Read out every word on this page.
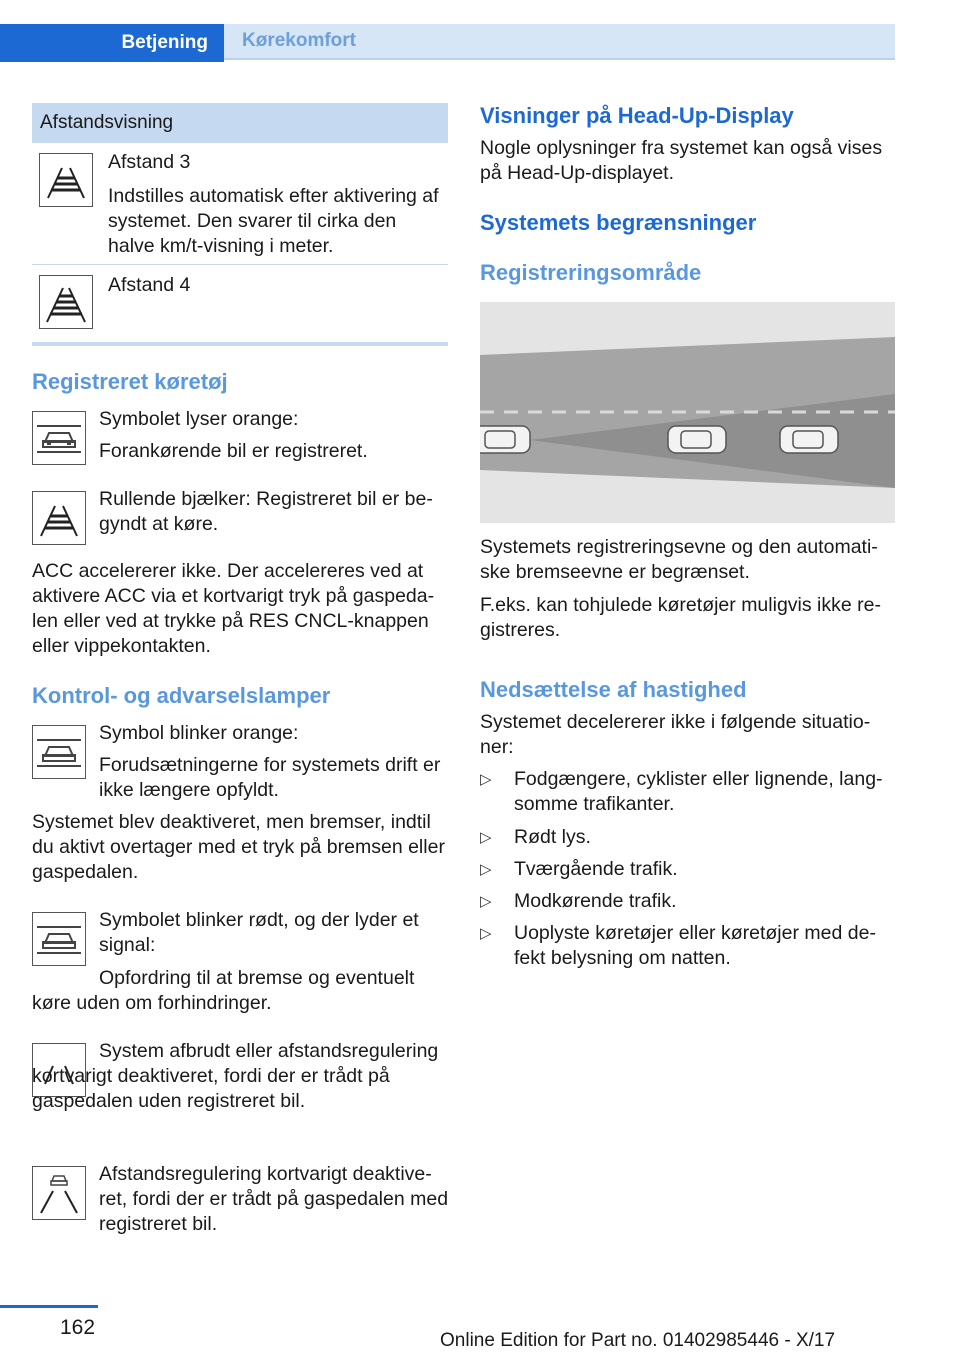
Betjening	Kørekomfort
Afstandsvisning
Afstand 3
Indstilles automatisk efter aktivering af systemet. Den svarer til cirka den halve km/t-visning i meter.
Afstand 4
Registreret køretøj
Symbolet lyser orange:
Forankørende bil er registreret.
Rullende bjælker: Registreret bil er begyndt at køre.
ACC accelererer ikke. Der accelereres ved at aktivere ACC via et kortvarigt tryk på gaspedalen eller ved at trykke på RES CNCL-knappen eller vippekontakten.
Kontrol- og advarselslamper
Symbol blinker orange:
Forudsætningerne for systemets drift er ikke længere opfyldt.
Systemet blev deaktiveret, men bremser, indtil du aktivt overtager med et tryk på bremsen eller gaspedalen.
Symbolet blinker rødt, og der lyder et signal:
Opfordring til at bremse og eventuelt køre uden om forhindringer.
System afbrudt eller afstandsregulering kortvarigt deaktiveret, fordi der er trådt på gaspedalen uden registreret bil.
Afstandsregulering kortvarigt deaktiveret, fordi der er trådt på gaspedalen med registreret bil.
Visninger på Head-Up-Display
Nogle oplysninger fra systemet kan også vises på Head-Up-displayet.
Systemets begrænsninger
Registreringsområde
Systemets registreringsevne og den automatiske bremseevne er begrænset.
F.eks. kan tohjulede køretøjer muligvis ikke registreres.
Nedsættelse af hastighed
Systemet decelererer ikke i følgende situationer:
▷ Fodgængere, cyklister eller lignende, langsomme trafikanter.
▷ Rødt lys.
▷ Tværgående trafik.
▷ Modkørende trafik.
▷ Uoplyste køretøjer eller køretøjer med defekt belysning om natten.
162
Online Edition for Part no. 01402985446 - X/17
